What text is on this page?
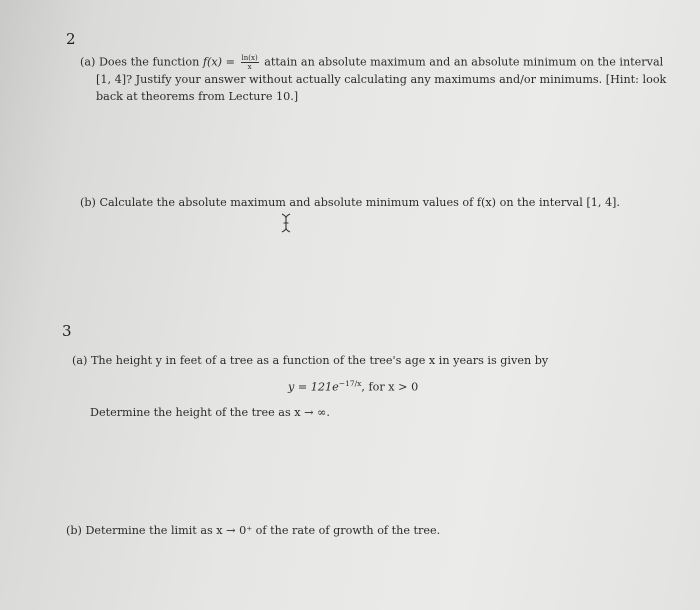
2
(a) Does the function $f(x) = \frac{\ln(x)}{x}$ attain an absolute maximum and an absolute minimum on the interval
[1, 4]? Justify your answer without actually calculating any maximums and/or minimums. [Hint: look
back at theorems from Lecture 10.]
(b) Calculate the absolute maximum and absolute minimum values of f(x) on the interval [1, 4].
3
(a) The height y in feet of a tree as a function of the tree's age x in years is given by
$y = 121e^{-17/x}$, for x > 0
Determine the height of the tree as x → ∞.
(b) Determine the limit as x → 0⁺ of the rate of growth of the tree.
